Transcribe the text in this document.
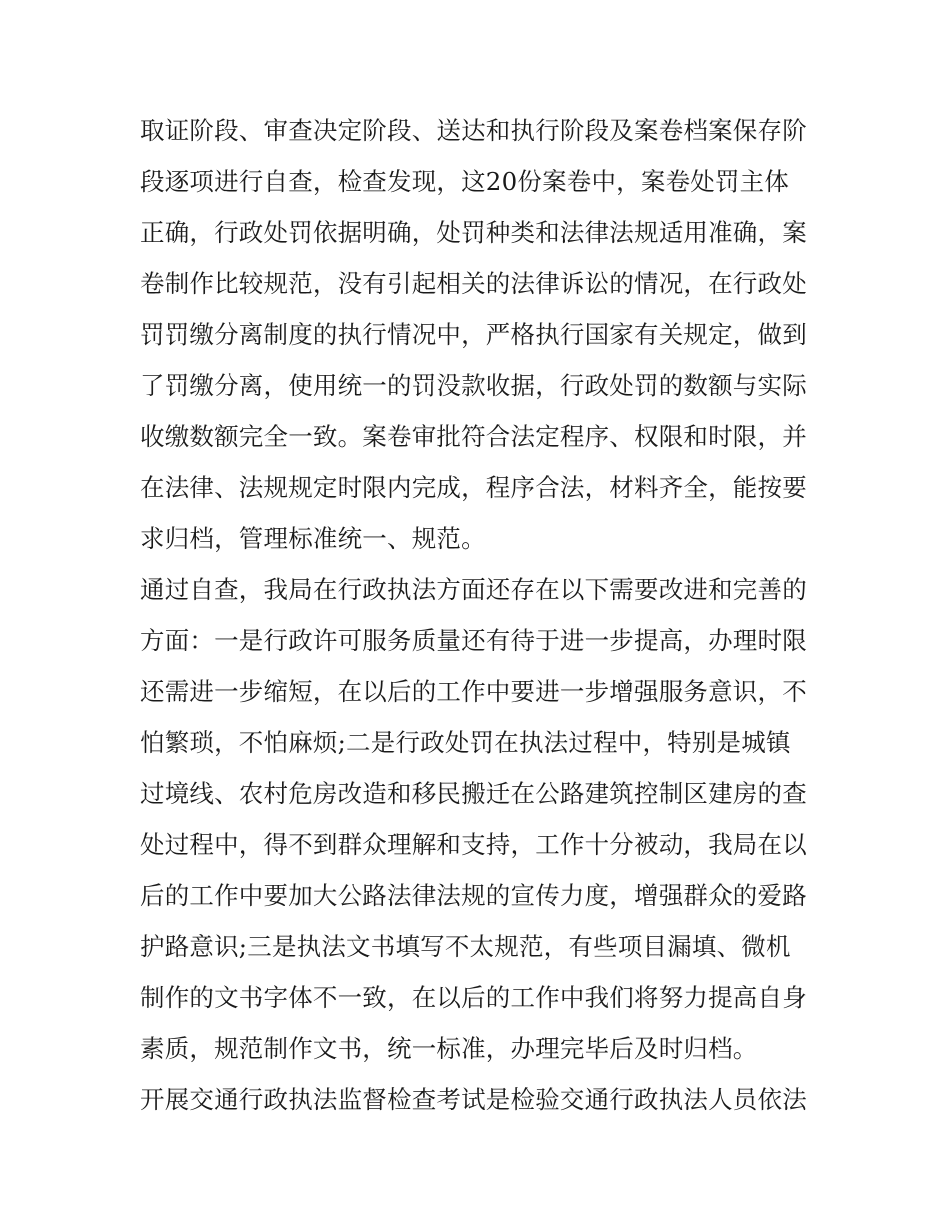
取证阶段、审查决定阶段、送达和执行阶段及案卷档案保存阶
段逐项进行自查，检查发现，这20份案卷中，案卷处罚主体
正确，行政处罚依据明确，处罚种类和法律法规适用准确，案
卷制作比较规范，没有引起相关的法律诉讼的情况，在行政处
罚罚缴分离制度的执行情况中，严格执行国家有关规定，做到
了罚缴分离，使用统一的罚没款收据，行政处罚的数额与实际
收缴数额完全一致。案卷审批符合法定程序、权限和时限，并
在法律、法规规定时限内完成，程序合法，材料齐全，能按要
求归档，管理标准统一、规范。
通过自查，我局在行政执法方面还存在以下需要改进和完善的
方面：一是行政许可服务质量还有待于进一步提高，办理时限
还需进一步缩短，在以后的工作中要进一步增强服务意识，不
怕繁琐，不怕麻烦;二是行政处罚在执法过程中，特别是城镇
过境线、农村危房改造和移民搬迁在公路建筑控制区建房的查
处过程中，得不到群众理解和支持，工作十分被动，我局在以
后的工作中要加大公路法律法规的宣传力度，增强群众的爱路
护路意识;三是执法文书填写不太规范，有些项目漏填、微机
制作的文书字体不一致，在以后的工作中我们将努力提高自身
素质，规范制作文书，统一标准，办理完毕后及时归档。
开展交通行政执法监督检查考试是检验交通行政执法人员依法
